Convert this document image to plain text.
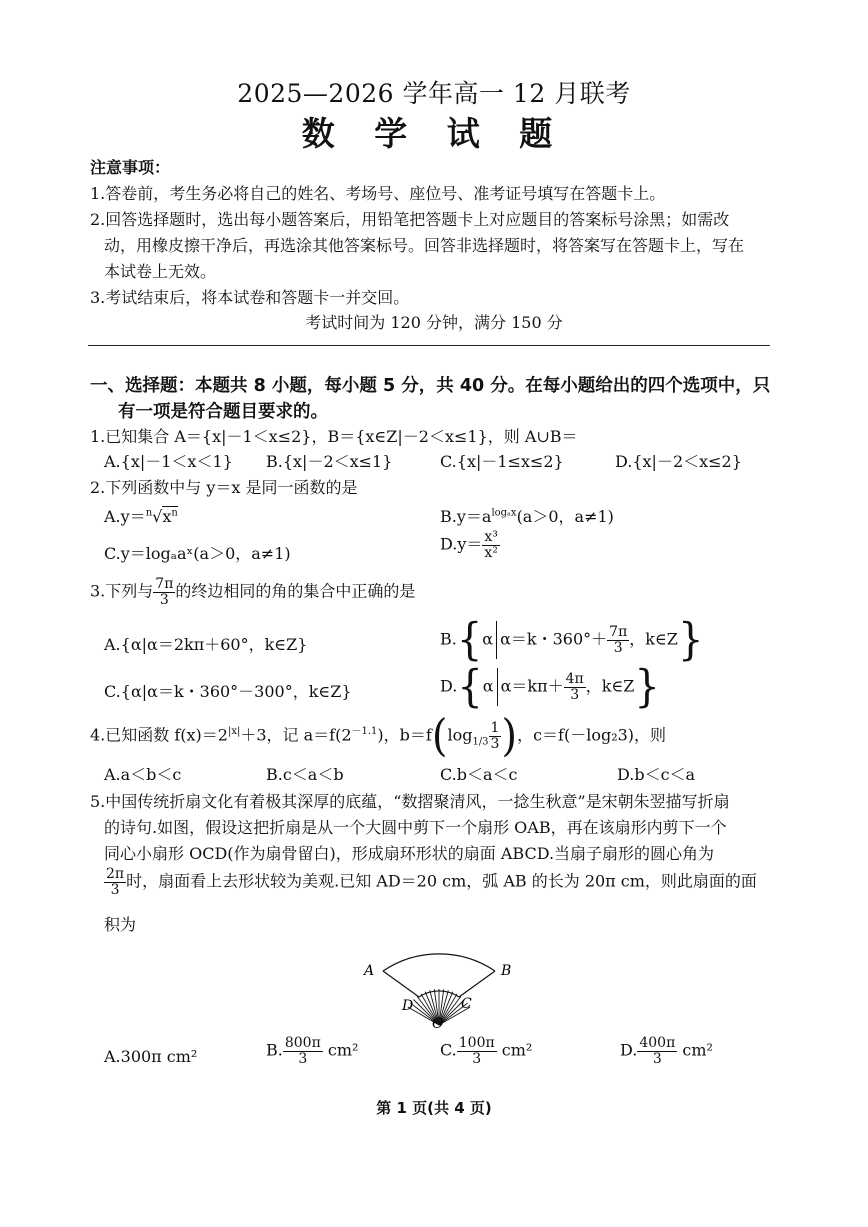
2025—2026 学年高一 12 月联考
数 学 试 题
注意事项：
1.答卷前，考生务必将自己的姓名、考场号、座位号、准考证号填写在答题卡上。
2.回答选择题时，选出每小题答案后，用铅笔把答题卡上对应题目的答案标号涂黑；如需改
动，用橡皮擦干净后，再选涂其他答案标号。回答非选择题时，将答案写在答题卡上，写在
本试卷上无效。
3.考试结束后，将本试卷和答题卡一并交回。
考试时间为 120 分钟，满分 150 分
一、选择题：本题共 8 小题，每小题 5 分，共 40 分。在每小题给出的四个选项中，只
有一项是符合题目要求的。
1.已知集合 A＝{x|－1＜x≤2}，B＝{x∈Z|－2＜x≤1}，则 A∪B＝
A.{x|－1＜x＜1} B.{x|－2＜x≤1}	C.{x|－1≤x≤2}	D.{x|－2＜x≤2}
2.下列函数中与 y＝x 是同一函数的是
$A.y=^n√x^n$	$B.y=a^{log_ax}(a>0$，a≠1)
C.y＝logₐaˣ(a＞0，a≠1)	$D.y= \frac{\text{x³}}{\text{x²}}$
3.下列与 $\frac{7\pi}{3}$ 的终边相同的角的集合中正确的是
A.{α|α＝2kπ＋60°，k∈Z}	B.{α α＝k・$360^\circ+ \frac{7\pi}{3}$ ，k∈Z}
C.{α|α＝k・360°－300°，k∈Z}	D.{α $\alpha=k\pi+ \frac{4\pi}{3}$ ，k∈Z}
4.已知函数 $f(x)=2^{|x|}+3$，记 $a=f(2^{-1.1})$，$b=f(\log_{1/3} \frac{1}{3}$ )，c＝f(－log₂3)，则
A.a＜b＜c	B.c＜a＜b	C.b＜a＜c	D.b＜c＜a
5.中国传统折扇文化有着极其深厚的底蕴，“数摺聚清风，一捻生秋意”是宋朝朱翌描写折扇
的诗句.如图，假设这把折扇是从一个大圆中剪下一个扇形 OAB，再在该扇形内剪下一个
同心小扇形 OCD(作为扇骨留白)，形成扇环形状的扇面 ABCD.当扇子扇形的圆心角为
$\frac{2\pi}{3}$ 时，扇面看上去形状较为美观.已知 AD＝20 cm，弧 AB 的长为 20π cm，则此扇面的面
积为
A	B
C
D
O
A.300π cm²	B. $\frac{800\pi}{3} cm^2$	C. $\frac{100\pi}{3} cm^2$	D. $\frac{400\pi}{3} cm^2$
第 1 页(共 4 页)
